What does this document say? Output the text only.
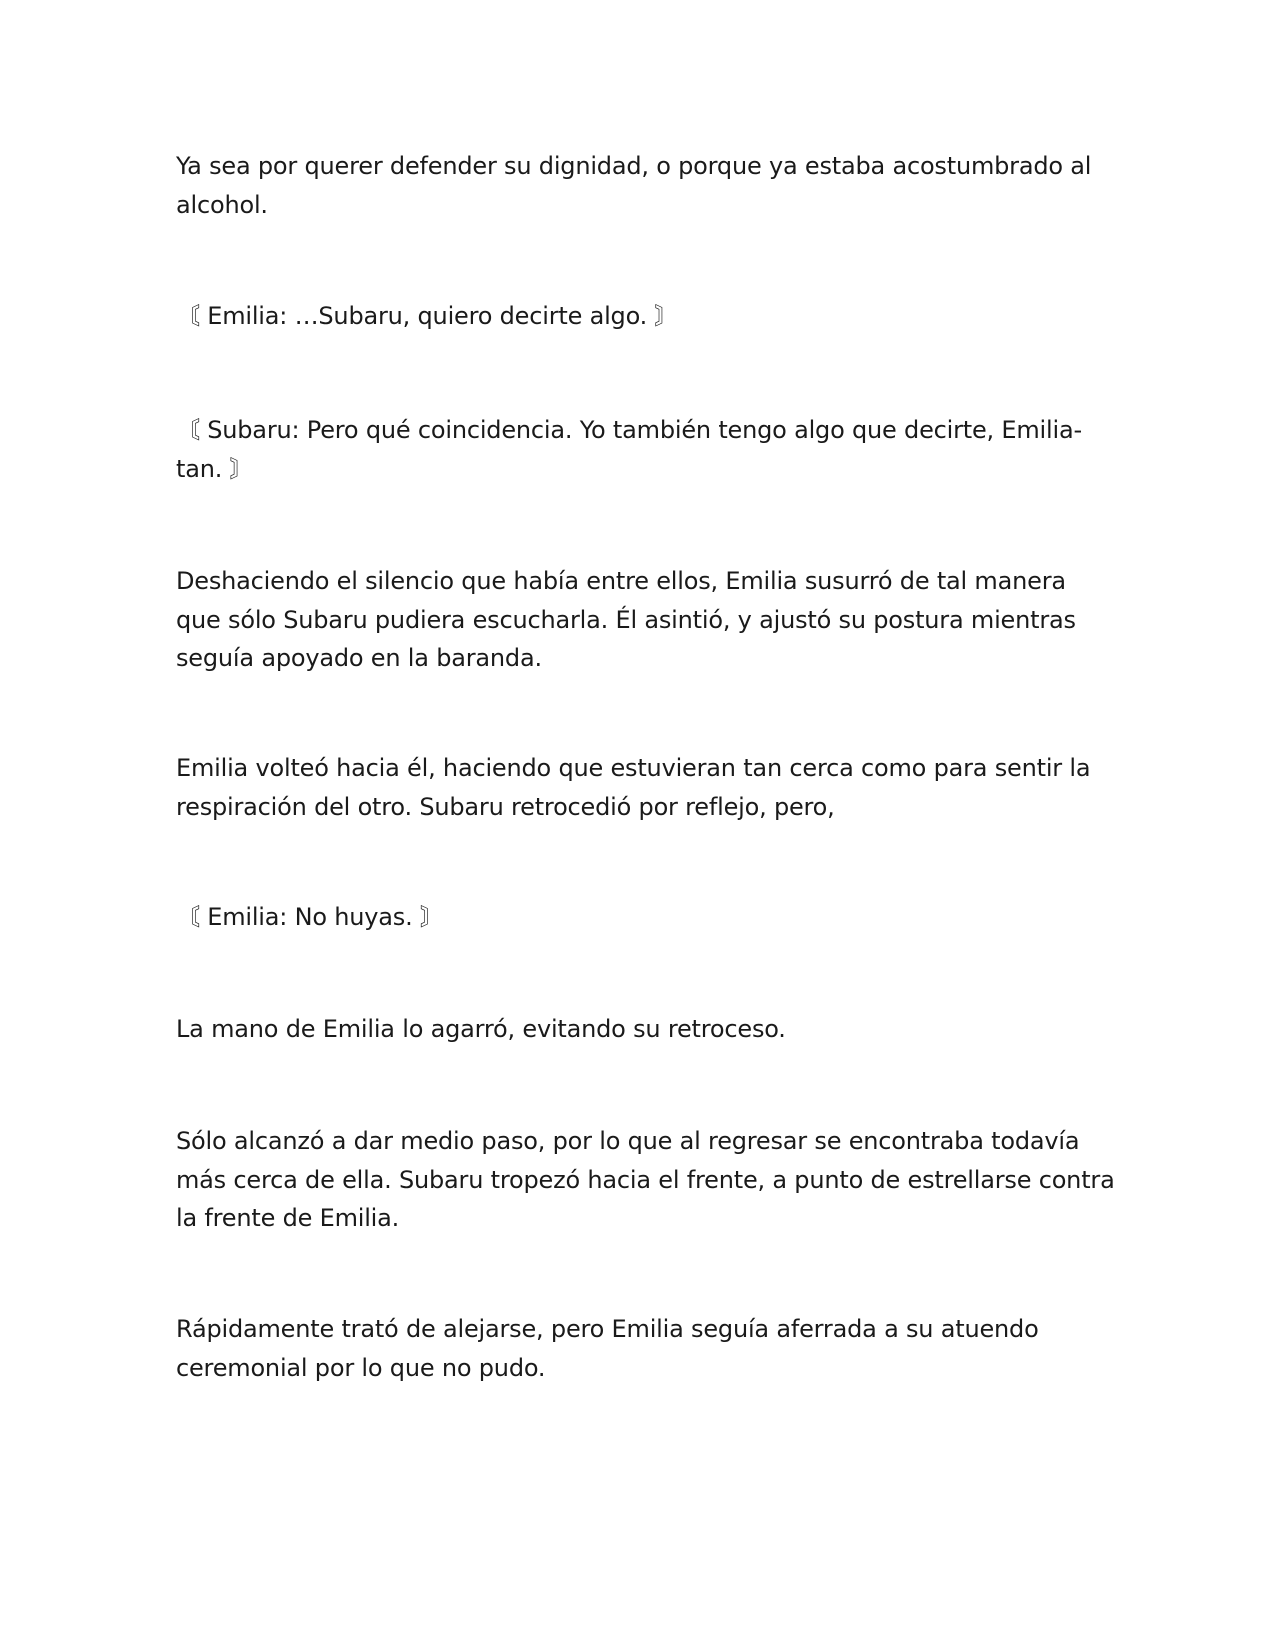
Ya sea por querer defender su dignidad, o porque ya estaba acostumbrado al alcohol.

〘 Emilia: …Subaru, quiero decirte algo. 〙

〘 Subaru: Pero qué coincidencia. Yo también tengo algo que decirte, Emilia-tan. 〙

Deshaciendo el silencio que había entre ellos, Emilia susurró de tal manera que sólo Subaru pudiera escucharla. Él asintió, y ajustó su postura mientras seguía apoyado en la baranda.

Emilia volteó hacia él, haciendo que estuvieran tan cerca como para sentir la respiración del otro. Subaru retrocedió por reflejo, pero,

〘 Emilia: No huyas. 〙

La mano de Emilia lo agarró, evitando su retroceso.

Sólo alcanzó a dar medio paso, por lo que al regresar se encontraba todavía más cerca de ella. Subaru tropezó hacia el frente, a punto de estrellarse contra la frente de Emilia.

Rápidamente trató de alejarse, pero Emilia seguía aferrada a su atuendo ceremonial por lo que no pudo.
